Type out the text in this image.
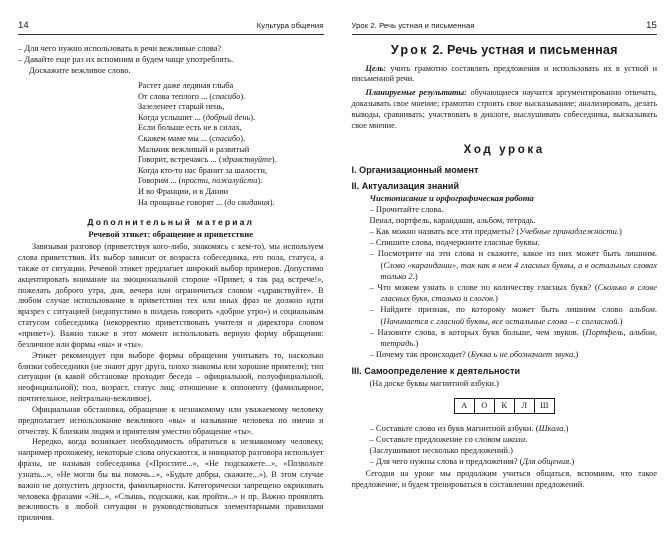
14	Культура общения

– Для чего нужно использовать в речи вежливые слова?

– Давайте еще раз их вспомним и будем чаще употреблять.

Доскажите вежливое слово.

Растет даже ледяная глыба
От слова теплого ... (спасибо).
Зазеленеет старый пень,
Когда услышит ... (добрый день).
Если больше есть не в силах,
Скажем маме мы ... (спасибо).
Мальчик вежливый и развитый
Говорит, встречаясь ... (здравствуйте).
Когда кто-то нас бранит за шалости,
Говорим ... (прости, пожалуйста).
И во Франции, и в Дании
На прощанье говорят ... (до свидания).
Дополнительный материал
Речевой этикет: обращение и приветствие

Завязывая разговор (приветствуя кого-либо, знакомясь с кем-то), мы используем слова приветствия. Их выбор зависит от возраста собеседника, его пола, статуса, а также от ситуации. Речевой этикет предлагает широкий выбор примеров. Допустимо акцентировать внимание на эмоциональной стороне «Привет, я так рад встрече!», пожелать доброго утра, дня, вечера или ограничиться словом «здравствуйте». В любом случае использование в приветствии тех или иных фраз не должно идти вразрез с ситуацией (недопустимо в полдень говорить «доброе утро») и социальным статусом собеседника (некорректно приветствовать учителя и директора словом «привет»). Важно также в этот момент использовать верную форму обращения: безличное или формы «вы» и «ты».

Этикет рекомендует при выборе формы обращения учитывать то, насколько близки собеседники (не знают друг друга, плохо знакомы или хорошие приятели); тип ситуации (в какой обстановке проходит беседа – официальной, полуофициальной, неофициальной); пол, возраст, статус лиц; отношение к оппоненту (фамильярное, почтительное, нейтрально-вежливое).

Официальная обстановка, обращение к незнакомому или уважаемому человеку предполагает использование вежливого «вы» и называние человека по имени и отчеству. К близким людям и приятелям уместно обращение «ты».

Нередко, когда возникает необходимость обратиться к незнакомому человеку, например прохожему, некоторые слова опускаются, и инициатор разговора использует фразы, не называя собеседника («Простите...», «Не подскажете...», «Позвольте узнать...», «Не могли бы вы помочь...», «Будьте добры, скажите...»). В этом случае важно не допустить дерзости, фамильярности. Категорически запрещено окрикивать человека фразами «Эй...», «Слышь, подскажи, как пройти...» и пр. Важно проявлять вежливость в любой ситуации и руководствоваться элементарными правилами приличия.

15
Урок 2. Речь устная и письменная
Урок 2. Речь устная и письменная

Цель: учить грамотно составлять предложения и использовать их в устной и письменной речи.

Планируемые результаты: обучающиеся научатся аргументированно отвечать, доказывать свое мнение; грамотно строить свое высказывание; анализировать, делать выводы, сравнивать; участвовать в диалоге, выслушивать собеседника, высказывать свое мнение.

Ход урока
I. Организационный момент
II. Актуализация знаний
Чистописание и орфографическая работа

– Прочитайте слова.

Пенал, портфель, карандаши, альбом, тетрадь.

– Как можно назвать все эти предметы? (Учебные принадлежности.)

– Спишите слова, подчеркните гласные буквы.

– Посмотрите на эти слова и скажите, какое из них может быть лишним. (Слово «карандаши», так как в нем 4 гласных буквы, а в остальных словах только 2.)

– Что можем узнать о слове по количеству гласных букв? (Сколько в слове гласных букв, столько и слогов.)

– Найдите признак, по которому может быть лишним слово альбом. (Начинается с гласной буквы, все остальные слова – с согласной.)

– Назовите слова, в которых букв больше, чем звуков. (Портфель, альбом, тетрадь.)

– Почему так происходит? (Буква ь не обозначает звука.)

III. Самоопределение к деятельности

(На доске буквы магнитной азбуки.)

А	О	К	Л	Ш

– Составьте слово из букв магнитной азбуки. (Школа.)

– Составьте предложение со словом школа.

(Заслушивают несколько предложений.)

– Для чего нужны слова и предложения? (Для общения.)

Сегодня на уроке мы продолжим учиться общаться, вспомним, что такое предложение, и будем тренироваться в составлении предложений.
